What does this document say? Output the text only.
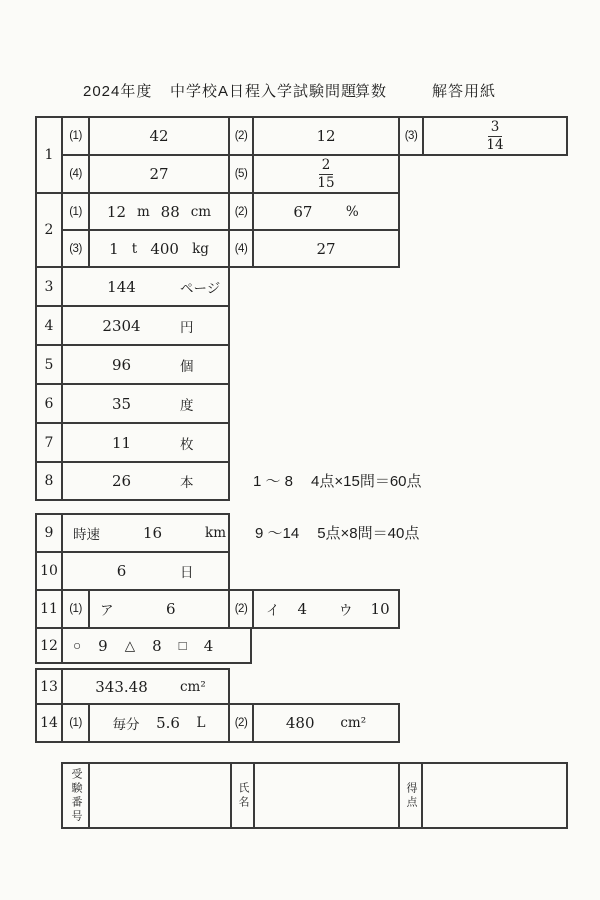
2024年度 中学校A日程入学試験問題
算数	解答用紙
1
(1)	42	(2)	12	(3)	$\frac{3}{14}$
(4)	27	(5)	$\frac{2}{15}$
2
(1)	12 m 88 cm	(2)	67 %
(3)	1 t 400 kg	(4)	27
3	144	ページ
4	2304	円
5	96	個
6	35	度
7	11	枚
8	26	本	1 ～ 8 4点×15問＝60点
9 ～14 5点×8問＝40点
9	時速	16	km
10	6	日
11 (1)	ア	6	(2)	イ 4 ウ 10
12	○ 9 △ 8 □ 4
13	343.48	cm²
14 (1)	毎分 5.6 L	(2)	480 cm²
受験番号	氏名	得点
